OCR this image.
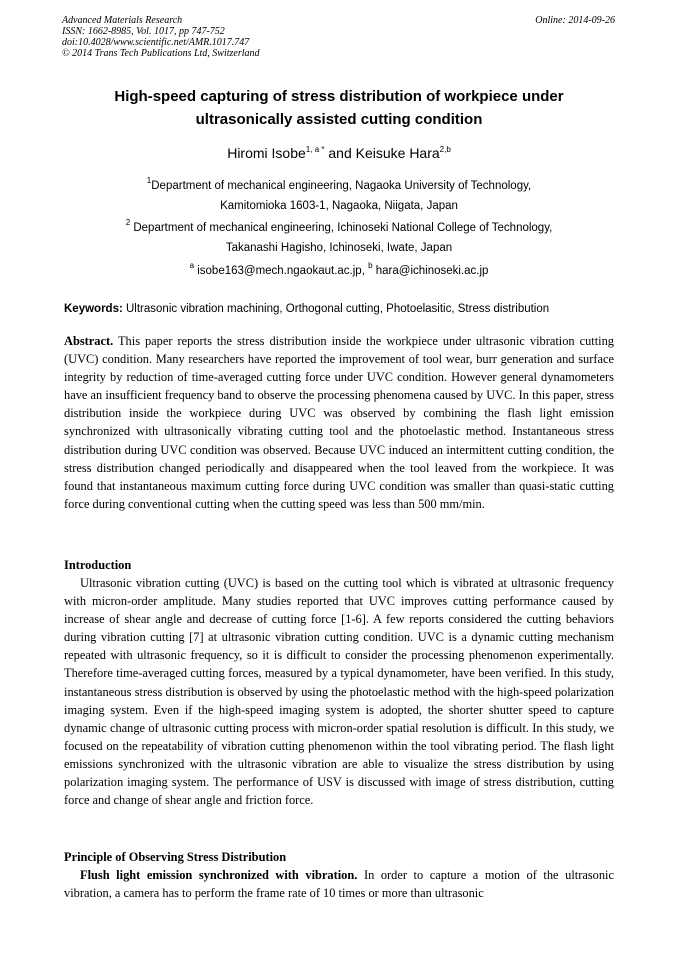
Advanced Materials Research
ISSN: 1662-8985, Vol. 1017, pp 747-752
doi:10.4028/www.scientific.net/AMR.1017.747
© 2014 Trans Tech Publications Ltd, Switzerland
Online: 2014-09-26
High-speed capturing of stress distribution of workpiece under
ultrasonically assisted cutting condition
Hiromi Isobe$^{1, a *}$ and Keisuke Hara$^{2,b}$
$^1$Department of mechanical engineering, Nagaoka University of Technology,
Kamitomioka 1603-1, Nagaoka, Niigata, Japan
$^2$ Department of mechanical engineering, Ichinoseki National College of Technology,
Takanashi Hagisho, Ichinoseki, Iwate, Japan
$^a$ isobe163@mech.ngaokaut.ac.jp, $^b$ hara@ichinoseki.ac.jp
Keywords: Ultrasonic vibration machining, Orthogonal cutting, Photoelasitic, Stress distribution
Abstract. This paper reports the stress distribution inside the workpiece under ultrasonic vibration cutting (UVC) condition. Many researchers have reported the improvement of tool wear, burr generation and surface integrity by reduction of time-averaged cutting force under UVC condition. However general dynamometers have an insufficient frequency band to observe the processing phenomena caused by UVC. In this paper, stress distribution inside the workpiece during UVC was observed by combining the flash light emission synchronized with ultrasonically vibrating cutting tool and the photoelastic method. Instantaneous stress distribution during UVC condition was observed. Because UVC induced an intermittent cutting condition, the stress distribution changed periodically and disappeared when the tool leaved from the workpiece. It was found that instantaneous maximum cutting force during UVC condition was smaller than quasi-static cutting force during conventional cutting when the cutting speed was less than 500 mm/min.
Introduction
Ultrasonic vibration cutting (UVC) is based on the cutting tool which is vibrated at ultrasonic frequency with micron-order amplitude. Many studies reported that UVC improves cutting performance caused by increase of shear angle and decrease of cutting force [1-6]. A few reports considered the cutting behaviors during vibration cutting [7] at ultrasonic vibration cutting condition. UVC is a dynamic cutting mechanism repeated with ultrasonic frequency, so it is difficult to consider the processing phenomenon experimentally. Therefore time-averaged cutting forces, measured by a typical dynamometer, have been verified. In this study, instantaneous stress distribution is observed by using the photoelastic method with the high-speed polarization imaging system. Even if the high-speed imaging system is adopted, the shorter shutter speed to capture dynamic change of ultrasonic cutting process with micron-order spatial resolution is difficult. In this study, we focused on the repeatability of vibration cutting phenomenon within the tool vibrating period. The flash light emissions synchronized with the ultrasonic vibration are able to visualize the stress distribution by using polarization imaging system. The performance of USV is discussed with image of stress distribution, cutting force and change of shear angle and friction force.
Principle of Observing Stress Distribution
Flush light emission synchronized with vibration. In order to capture a motion of the ultrasonic vibration, a camera has to perform the frame rate of 10 times or more than ultrasonic
